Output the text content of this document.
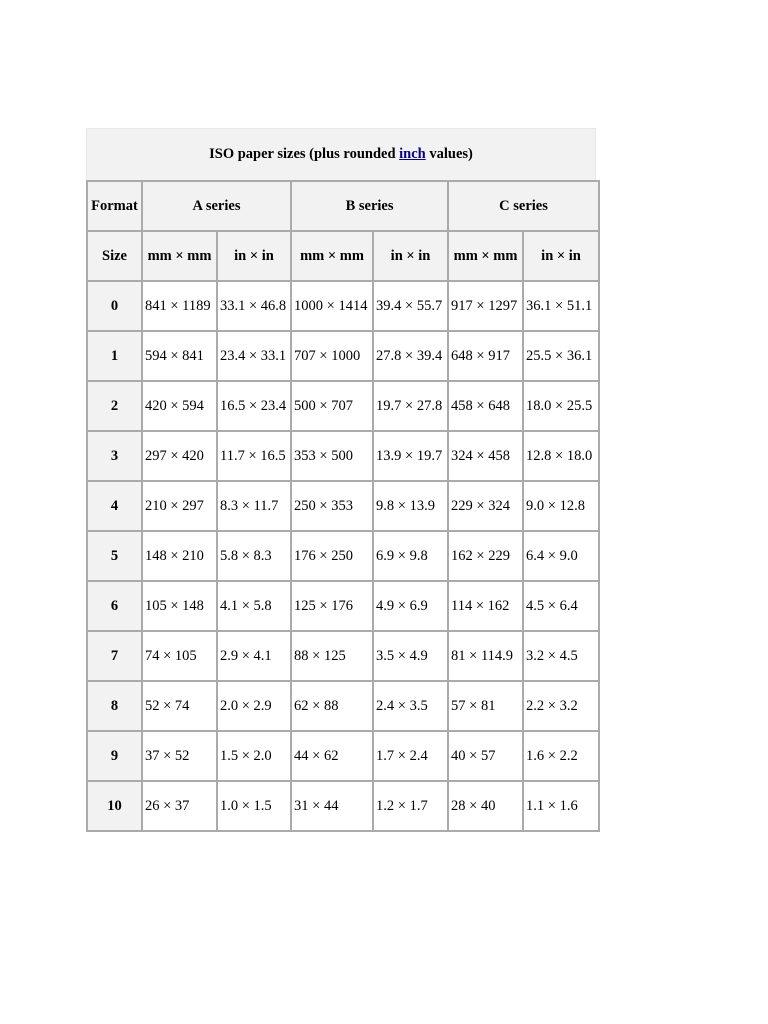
ISO paper sizes (plus rounded
inch
values)
Format	A series		B series		C series	
Size	mm × mm	in × in	mm × mm	in × in	mm × mm	in × in
0	841 × 1189	33.1 × 46.8	1000 × 1414	39.4 × 55.7	917 × 1297	36.1 × 51.1
1	594 × 841	23.4 × 33.1	707 × 1000	27.8 × 39.4	648 × 917	25.5 × 36.1
2	420 × 594	16.5 × 23.4	500 × 707	19.7 × 27.8	458 × 648	18.0 × 25.5
3	297 × 420	11.7 × 16.5	353 × 500	13.9 × 19.7	324 × 458	12.8 × 18.0
4	210 × 297	8.3 × 11.7	250 × 353	9.8 × 13.9	229 × 324	9.0 × 12.8
5	148 × 210	5.8 × 8.3	176 × 250	6.9 × 9.8	162 × 229	6.4 × 9.0
6	105 × 148	4.1 × 5.8	125 × 176	4.9 × 6.9	114 × 162	4.5 × 6.4
7	74 × 105	2.9 × 4.1	88 × 125	3.5 × 4.9	81 × 114.9	3.2 × 4.5
8	52 × 74	2.0 × 2.9	62 × 88	2.4 × 3.5	57 × 81	2.2 × 3.2
9	37 × 52	1.5 × 2.0	44 × 62	1.7 × 2.4	40 × 57	1.6 × 2.2
10	26 × 37	1.0 × 1.5	31 × 44	1.2 × 1.7	28 × 40	1.1 × 1.6
